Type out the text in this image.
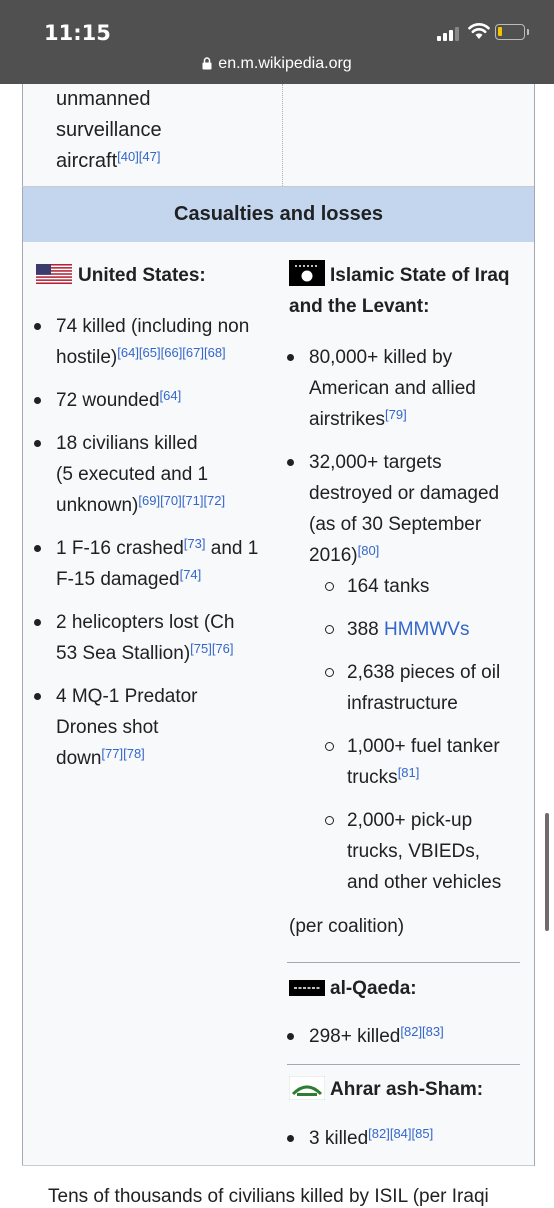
11:15
en.m.wikipedia.org
unmanned
surveillance
aircraft[40][47]
Casualties and losses
United States:
74 killed (including non
hostile)[64][65][66][67][68]
72 wounded[64]
18 civilians killed
(5 executed and 1
unknown)[69][70][71][72]
1 F-16 crashed[73] and 1
F-15 damaged[74]
2 helicopters lost (Ch
53 Sea Stallion)[75][76]
4 MQ-1 Predator
Drones shot
down[77][78]
Islamic State of Iraq
and the Levant:
80,000+ killed by
American and allied
airstrikes[79]
32,000+ targets
destroyed or damaged
(as of 30 September
2016)[80]
164 tanks
388 HMMWVs
2,638 pieces of oil
infrastructure
1,000+ fuel tanker
trucks[81]
2,000+ pick-up
trucks, VBIEDs,
and other vehicles
(per coalition)
al-Qaeda:
298+ killed[82][83]
Ahrar ash-Sham:
3 killed[82][84][85]
Tens of thousands of civilians killed by ISIL (per Iraqi
